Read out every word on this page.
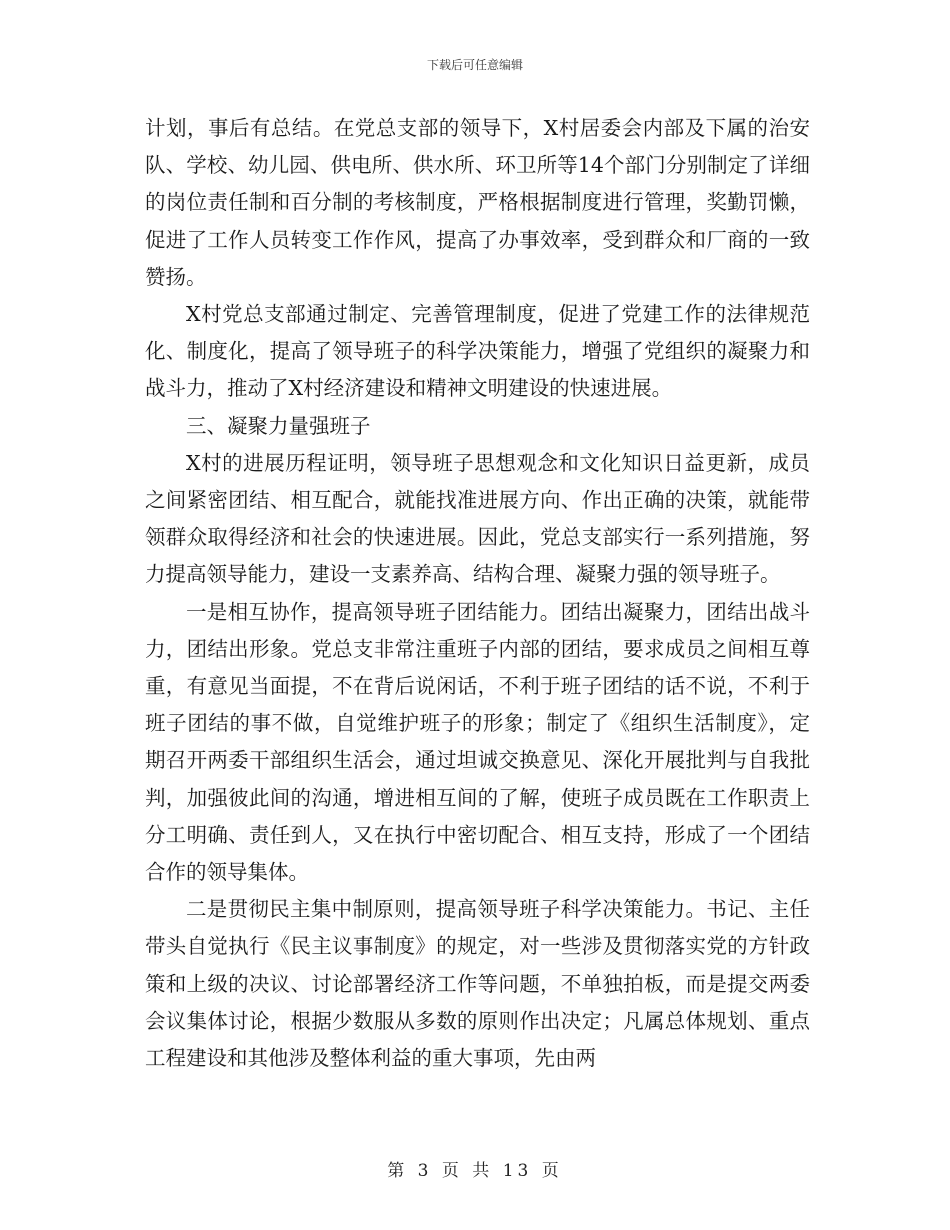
下载后可任意编辑

计划，事后有总结。在党总支部的领导下，X村居委会内部及下属的治安队、学校、幼儿园、供电所、供水所、环卫所等14个部门分别制定了详细的岗位责任制和百分制的考核制度，严格根据制度进行管理，奖勤罚懒，促进了工作人员转变工作作风，提高了办事效率，受到群众和厂商的一致赞扬。

X村党总支部通过制定、完善管理制度，促进了党建工作的法律规范化、制度化，提高了领导班子的科学决策能力，增强了党组织的凝聚力和战斗力，推动了X村经济建设和精神文明建设的快速进展。

三、凝聚力量强班子

X村的进展历程证明，领导班子思想观念和文化知识日益更新，成员之间紧密团结、相互配合，就能找准进展方向、作出正确的决策，就能带领群众取得经济和社会的快速进展。因此，党总支部实行一系列措施，努力提高领导能力，建设一支素养高、结构合理、凝聚力强的领导班子。

一是相互协作，提高领导班子团结能力。团结出凝聚力，团结出战斗力，团结出形象。党总支非常注重班子内部的团结，要求成员之间相互尊重，有意见当面提，不在背后说闲话，不利于班子团结的话不说，不利于班子团结的事不做，自觉维护班子的形象；制定了《组织生活制度》，定期召开两委干部组织生活会，通过坦诚交换意见、深化开展批判与自我批判，加强彼此间的沟通，增进相互间的了解，使班子成员既在工作职责上分工明确、责任到人，又在执行中密切配合、相互支持，形成了一个团结合作的领导集体。

二是贯彻民主集中制原则，提高领导班子科学决策能力。书记、主任带头自觉执行《民主议事制度》的规定，对一些涉及贯彻落实党的方针政策和上级的决议、讨论部署经济工作等问题，不单独拍板，而是提交两委会议集体讨论，根据少数服从多数的原则作出决定；凡属总体规划、重点工程建设和其他涉及整体利益的重大事项，先由两

第 3 页 共 13 页
